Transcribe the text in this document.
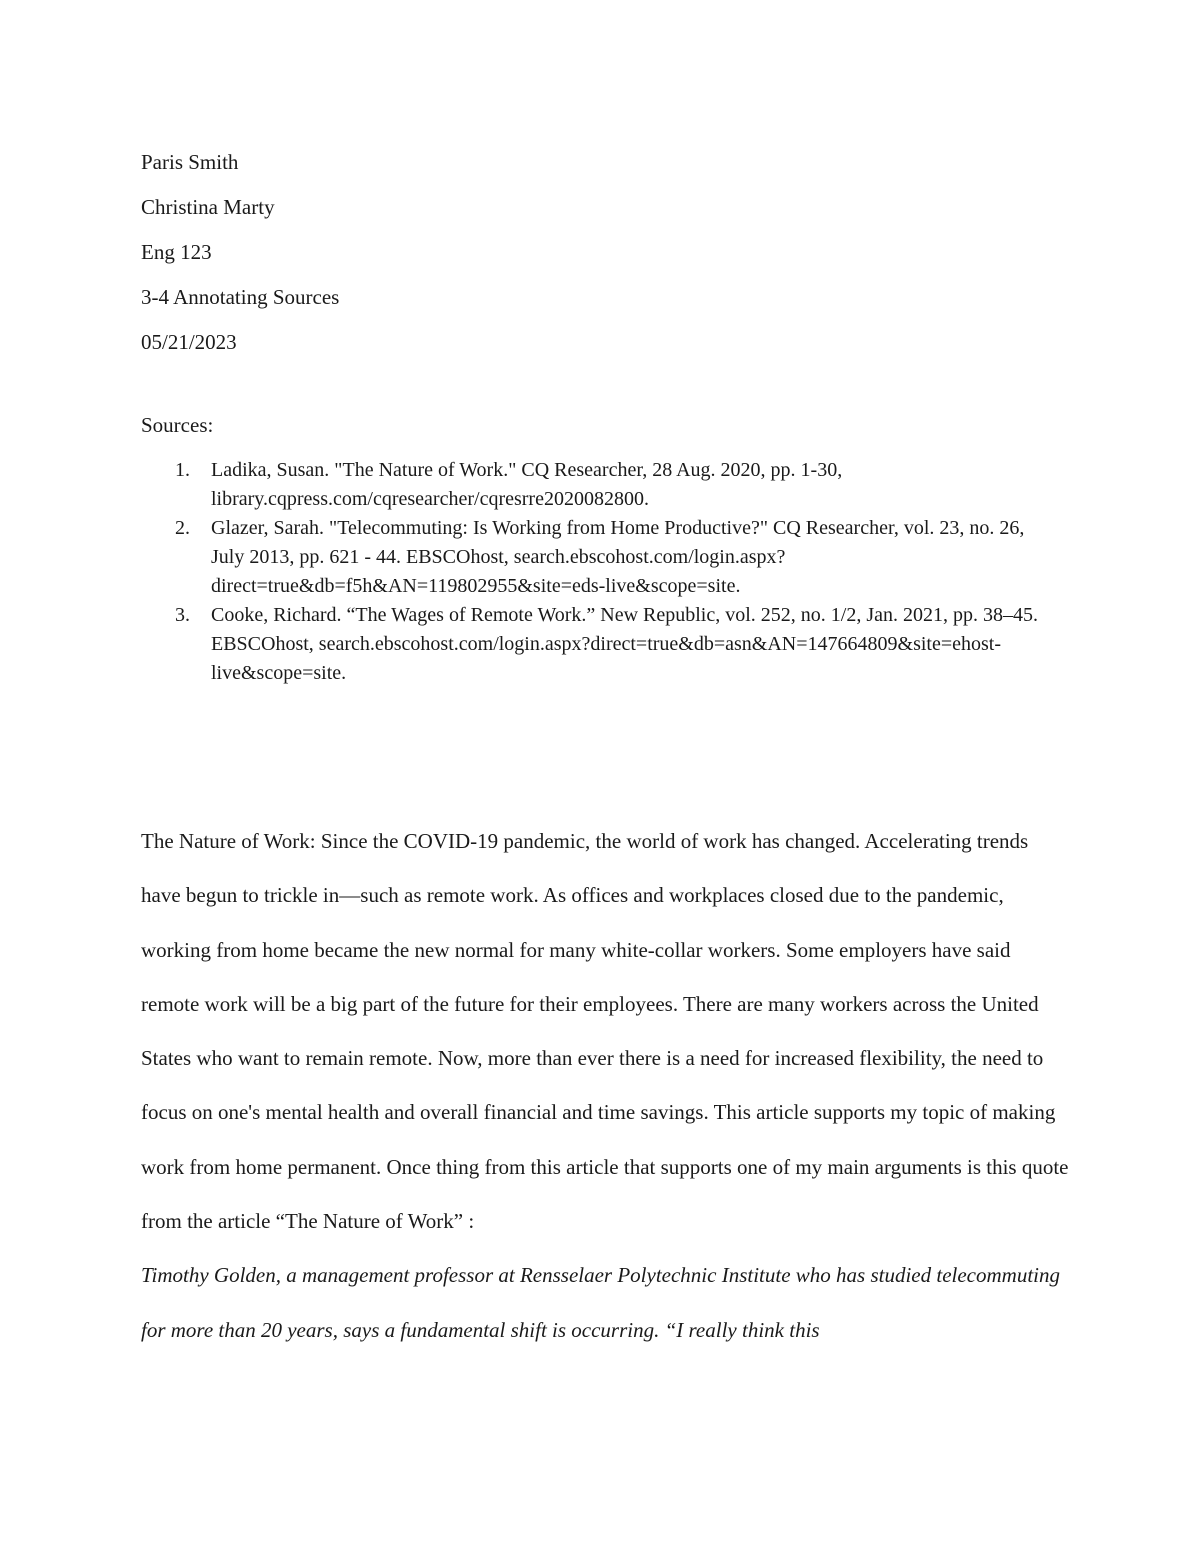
Paris Smith
Christina Marty
Eng 123
3-4 Annotating Sources
05/21/2023
Sources:
1. Ladika, Susan. "The Nature of Work." CQ Researcher, 28 Aug. 2020, pp. 1-30, library.cqpress.com/cqresearcher/cqresrre2020082800.
2. Glazer, Sarah. "Telecommuting: Is Working from Home Productive?" CQ Researcher, vol. 23, no. 26, July 2013, pp. 621 - 44. EBSCOhost, search.ebscohost.com/login.aspx?direct=true&db=f5h&AN=119802955&site=eds-live&scope=site.
3. Cooke, Richard. “The Wages of Remote Work.” New Republic, vol. 252, no. 1/2, Jan. 2021, pp. 38–45. EBSCOhost, search.ebscohost.com/login.aspx?direct=true&db=asn&AN=147664809&site=ehost-live&scope=site.

The Nature of Work: Since the COVID-19 pandemic, the world of work has changed. Accelerating trends have begun to trickle in—such as remote work. As offices and workplaces closed due to the pandemic, working from home became the new normal for many white-collar workers. Some employers have said remote work will be a big part of the future for their employees. There are many workers across the United States who want to remain remote. Now, more than ever there is a need for increased flexibility, the need to focus on one's mental health and overall financial and time savings. This article supports my topic of making work from home permanent. Once thing from this article that supports one of my main arguments is this quote from the article “The Nature of Work” :

Timothy Golden, a management professor at Rensselaer Polytechnic Institute who has studied telecommuting for more than 20 years, says a fundamental shift is occurring. “I really think this
